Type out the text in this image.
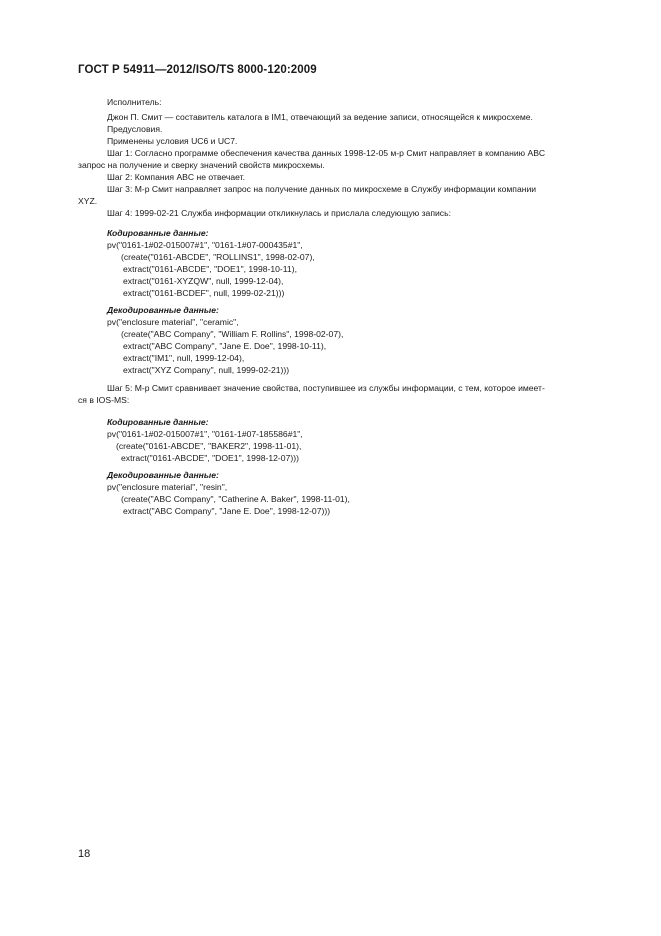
ГОСТ Р 54911—2012/ISO/TS 8000-120:2009
Исполнитель:
Джон П. Смит — составитель каталога в IM1, отвечающий за ведение записи, относящейся к микросхеме.
Предусловия.
Применены условия UC6 и UC7.
Шаг 1: Согласно программе обеспечения качества данных 1998-12-05 м-р Смит направляет в компанию ABC
запрос на получение и сверку значений свойств микросхемы.
Шаг 2: Компания ABC не отвечает.
Шаг 3: М-р Смит направляет запрос на получение данных по микросхеме в Службу информации компании
XYZ.
Шаг 4: 1999-02-21 Служба информации откликнулась и прислала следующую запись:
Кодированные данные:
pv("0161-1#02-015007#1", "0161-1#07-000435#1",
(create("0161-ABCDE", "ROLLINS1", 1998-02-07),
extract("0161-ABCDE", "DOE1", 1998-10-11),
extract("0161-XYZQW", null, 1999-12-04),
extract("0161-BCDEF", null, 1999-02-21)))
Декодированные данные:
pv("enclosure material", "ceramic",
(create("ABC Company", "William F. Rollins", 1998-02-07),
extract("ABC Company", "Jane E. Doe", 1998-10-11),
extract("IM1", null, 1999-12-04),
extract("XYZ Company", null, 1999-02-21)))
Шаг 5: М-р Смит сравнивает значение свойства, поступившее из службы информации, с тем, которое имеет-
ся в IOS-MS:
Кодированные данные:
pv("0161-1#02-015007#1", "0161-1#07-185586#1",
(create("0161-ABCDE", "BAKER2", 1998-11-01),
extract("0161-ABCDE", "DOE1", 1998-12-07)))
Декодированные данные:
pv("enclosure material", "resin",
(create("ABC Company", "Catherine A. Baker", 1998-11-01),
extract("ABC Company", "Jane E. Doe", 1998-12-07)))
18
